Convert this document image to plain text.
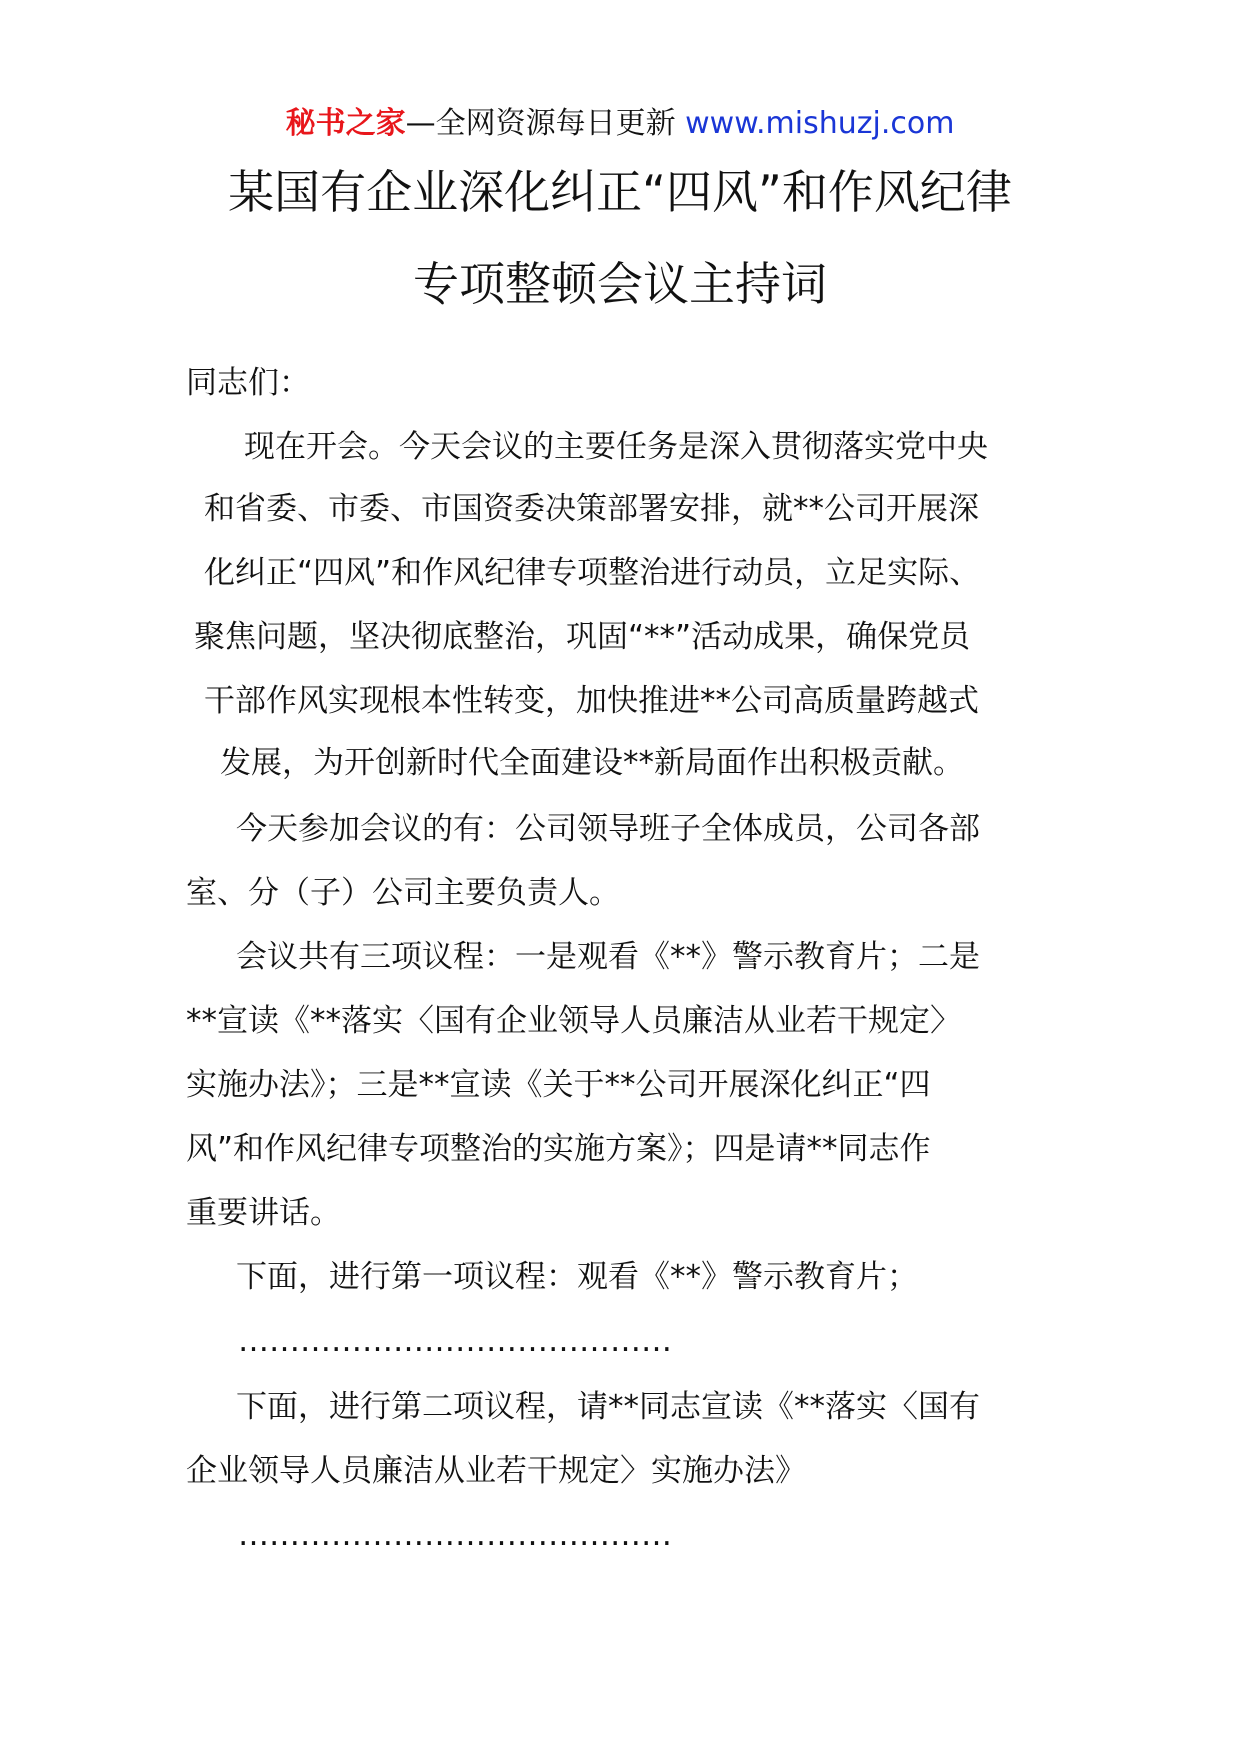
秘书之家—全网资源每日更新 www.mishuzj.com
某国有企业深化纠正“四风”和作风纪律
专项整顿会议主持词
同志们：
现在开会。今天会议的主要任务是深入贯彻落实党中央
和省委、市委、市国资委决策部署安排，就**公司开展深
化纠正“四风”和作风纪律专项整治进行动员，立足实际、
聚焦问题，坚决彻底整治，巩固“**”活动成果，确保党员
干部作风实现根本性转变，加快推进**公司高质量跨越式
发展，为开创新时代全面建设**新局面作出积极贡献。
今天参加会议的有：公司领导班子全体成员，公司各部
室、分（子）公司主要负责人。
会议共有三项议程：一是观看《**》警示教育片；二是
**宣读《**落实〈国有企业领导人员廉洁从业若干规定〉
实施办法》；三是**宣读《关于**公司开展深化纠正“四
风”和作风纪律专项整治的实施方案》；四是请**同志作
重要讲话。
下面，进行第一项议程：观看《**》警示教育片；
……………………………………
下面，进行第二项议程，请**同志宣读《**落实〈国有
企业领导人员廉洁从业若干规定〉实施办法》
……………………………………
